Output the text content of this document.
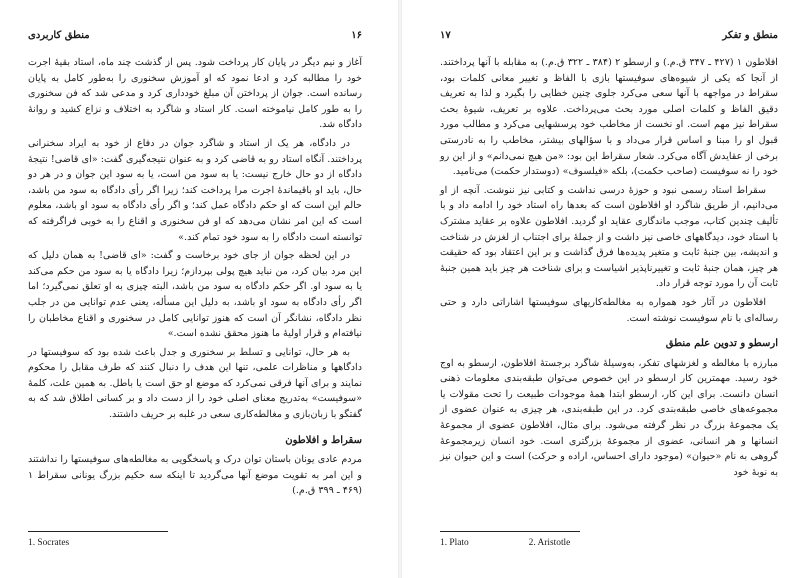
۱۶
منطق کاربردی

آغاز و نیم دیگر در پایان کار پرداخت شود. پس از گذشت چند ماه، استاد بقیهٔ اجرت خود را مطالبه کرد و ادعا نمود که او آموزش سخنوری را به‌طور کامل به پایان رسانده است. جوان از پرداختن آن مبلغ خودداری کرد و مدعی شد که فن سخنوری را به طور کامل نیاموخته است. کار استاد و شاگرد به اختلاف و نزاع کشید و روانهٔ دادگاه شد.

در دادگاه، هر یک از استاد و شاگرد جوان در دفاع از خود به ایراد سخنرانی پرداختند. آنگاه استاد رو به قاضی کرد و به عنوان نتیجه‌گیری گفت: «ای قاضی! نتیجهٔ دادگاه از دو حال خارج نیست: یا به سود من است، یا به سود این جوان و در هر دو حال، باید او باقیماندهٔ اجرت مرا پرداخت کند؛ زیرا اگر رأی دادگاه به سود من باشد، حالم این است که او حکم دادگاه عمل کند؛ و اگر رأی دادگاه به سود او باشد، معلوم است که این امر نشان می‌دهد که او فن سخنوری و اقناع را به خوبی فراگرفته که توانسته است دادگاه را به سود خود تمام کند.»

در این لحظه جوان از جای خود برخاست و گفت: «ای قاضی! به همان دلیل که این مرد بیان کرد، من نباید هیچ پولی بپردازم؛ زیرا دادگاه یا به سود من حکم می‌کند یا به سود او. اگر حکم دادگاه به سود من باشد، البته چیزی به او تعلق نمی‌گیرد؛ اما اگر رأی دادگاه به سود او باشد، به دلیل این مسأله، یعنی عدم توانایی من در جلب نظر دادگاه، نشانگر آن است که هنوز توانایی کامل در سخنوری و اقناع مخاطبان را نیافته‌ام و قرار اولیهٔ ما هنوز محقق نشده است.»

به هر حال، توانایی و تسلط بر سخنوری و جدل باعث شده بود که سوفیستها در دادگاهها و مناظرات علمی، تنها این هدف را دنبال کنند که طرف مقابل را محکوم نمایند و برای آنها فرقی نمی‌کرد که موضع او حق است یا باطل. به همین علت، کلمهٔ «سوفیست» به‌تدریج معنای اصلی خود را از دست داد و بر کسانی اطلاق شد که به گفتگو با زبان‌بازی و مغالطه‌کاری سعی در غلبه بر حریف داشتند.

سقراط و افلاطون

مردم عادی یونان باستان توان درک و پاسخگویی به مغالطه‌های سوفیستها را نداشتند و این امر به تقویت موضع آنها می‌گردید تا اینکه سه حکیم بزرگ یونانی سقراط ۱ (۴۶۹ ـ ۳۹۹ ق.م.)

1. Socrates
منطق و تفکر
۱۷

افلاطون ۱ (۴۲۷ ـ ۳۴۷ ق.م.) و ارسطو ۲ (۳۸۴ ـ ۳۲۲ ق.م.) به مقابله با آنها پرداختند. از آنجا که یکی از شیوه‌های سوفیستها بازی با الفاظ و تغییر معانی کلمات بود، سقراط در مواجهه با آنها سعی می‌کرد جلوی چنین خطایی را بگیرد و لذا به تعریف دقیق الفاظ و کلمات اصلی مورد بحث می‌پرداخت. علاوه بر تعریف، شیوهٔ بحث سقراط نیز مهم است. او نخست از مخاطب خود پرسشهایی می‌کرد و مطالب مورد قبول او را مبنا و اساس قرار می‌داد و با سؤالهای بیشتر، مخاطب را به نادرستی برخی از عقایدش آگاه می‌کرد. شعار سقراط این بود: «من هیچ نمی‌دانم» و از این رو خود را نه سوفیست (صاحب حکمت)، بلکه «فیلسوف» (دوستدار حکمت) می‌نامید.

سقراط استاد رسمی نبود و حوزهٔ درسی نداشت و کتابی نیز ننوشت. آنچه از او می‌دانیم، از طریق شاگرد او افلاطون است که بعدها راه استاد خود را ادامه داد و با تألیف چندین کتاب، موجب ماندگاری عقاید او گردید. افلاطون علاوه بر عقاید مشترک با استاد خود، دیدگاههای خاصی نیز داشت و از جملهٔ برای اجتناب از لغزش در شناخت و اندیشه، بین جنبهٔ ثابت و متغیر پدیده‌ها فرق گذاشت و بر این اعتقاد بود که حقیقت هر چیز، همان جنبهٔ ثابت و تغییرناپذیر اشیاست و برای شناخت هر چیز باید همین جنبهٔ ثابت آن را مورد توجه قرار داد.

افلاطون در آثار خود همواره به مغالطه‌کاریهای سوفیستها اشاراتی دارد و حتی رساله‌ای با نام سوفیست نوشته است.

ارسطو و تدوین علم منطق

مبارزه با مغالطه و لغزشهای تفکر، به‌وسیلهٔ شاگرد برجستهٔ افلاطون، ارسطو به اوج خود رسید. مهمترین کار ارسطو در این خصوص می‌توان طبقه‌بندی معلومات ذهنی انسان دانست. برای این کار، ارسطو ابتدا همهٔ موجودات طبیعت را تحت مقولات یا مجموعه‌های خاصی طبقه‌بندی کرد. در این طبقه‌بندی، هر چیزی به عنوان عضوی از یک مجموعهٔ بزرگ در نظر گرفته می‌شود. برای مثال، افلاطون عضوی از مجموعهٔ انسانها و هر انسانی، عضوی از مجموعهٔ بزرگتری است. خود انسان زیرمجموعهٔ گروهی به نام «حیوان» (موجود دارای احساس، اراده و حرکت) است و این حیوان نیز به نوبهٔ خود

1. Plato	2. Aristotle
